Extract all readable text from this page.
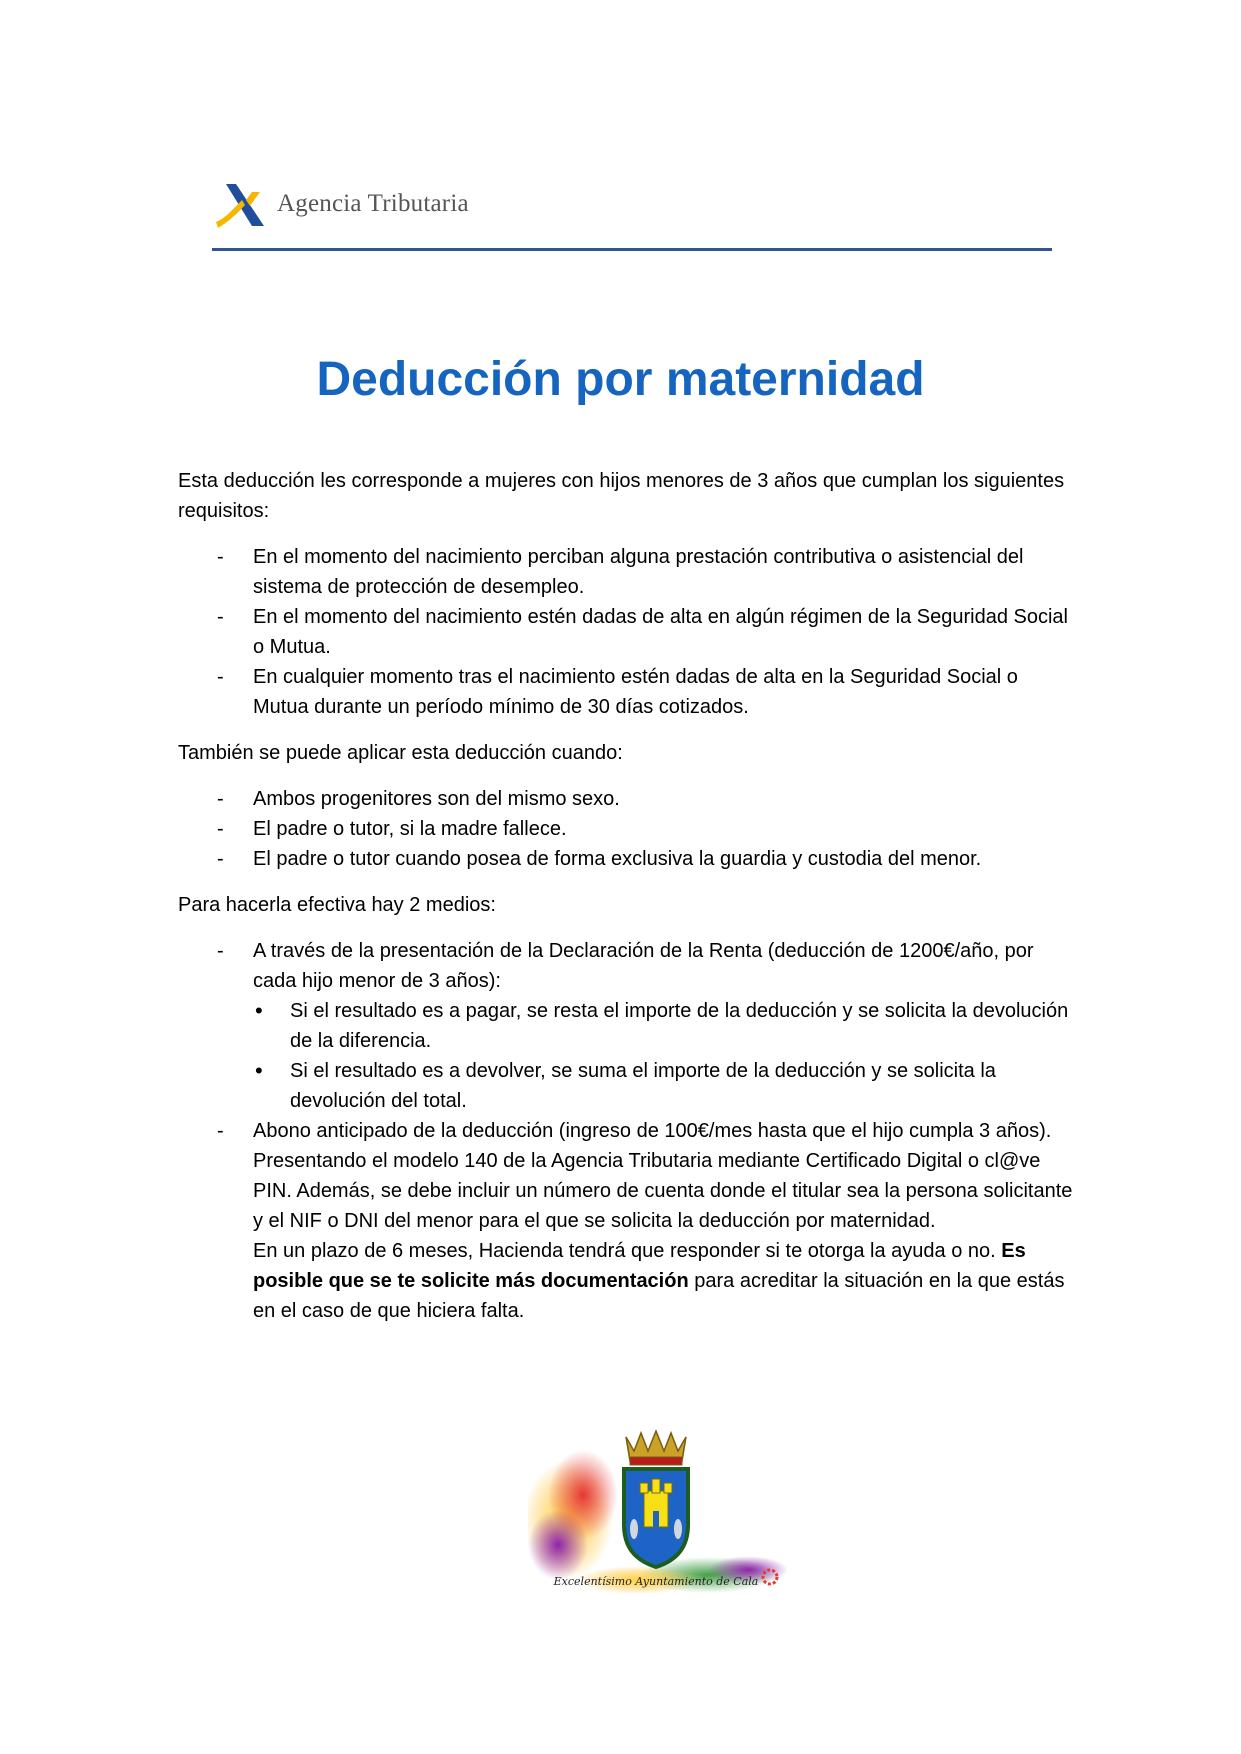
Agencia Tributaria
Deducción por maternidad

Esta deducción les corresponde a mujeres con hijos menores de 3 años que cumplan los siguientes requisitos:

- En el momento del nacimiento perciban alguna prestación contributiva o asistencial del sistema de protección de desempleo.
- En el momento del nacimiento estén dadas de alta en algún régimen de la Seguridad Social o Mutua.
- En cualquier momento tras el nacimiento estén dadas de alta en la Seguridad Social o Mutua durante un período mínimo de 30 días cotizados.

También se puede aplicar esta deducción cuando:

- Ambos progenitores son del mismo sexo.
- El padre o tutor, si la madre fallece.
- El padre o tutor cuando posea de forma exclusiva la guardia y custodia del menor.

Para hacerla efectiva hay 2 medios:

- A través de la presentación de la Declaración de la Renta (deducción de 1200€/año, por cada hijo menor de 3 años):
• Si el resultado es a pagar, se resta el importe de la deducción y se solicita la devolución de la diferencia.
• Si el resultado es a devolver, se suma el importe de la deducción y se solicita la devolución del total.
- Abono anticipado de la deducción (ingreso de 100€/mes hasta que el hijo cumpla 3 años). Presentando el modelo 140 de la Agencia Tributaria mediante Certificado Digital o cl@ve PIN. Además, se debe incluir un número de cuenta donde el titular sea la persona solicitante y el NIF o DNI del menor para el que se solicita la deducción por maternidad.
En un plazo de 6 meses, Hacienda tendrá que responder si te otorga la ayuda o no. Es posible que se te solicite más documentación para acreditar la situación en la que estás en el caso de que hiciera falta.
Excelentísimo Ayuntamiento de Cala
